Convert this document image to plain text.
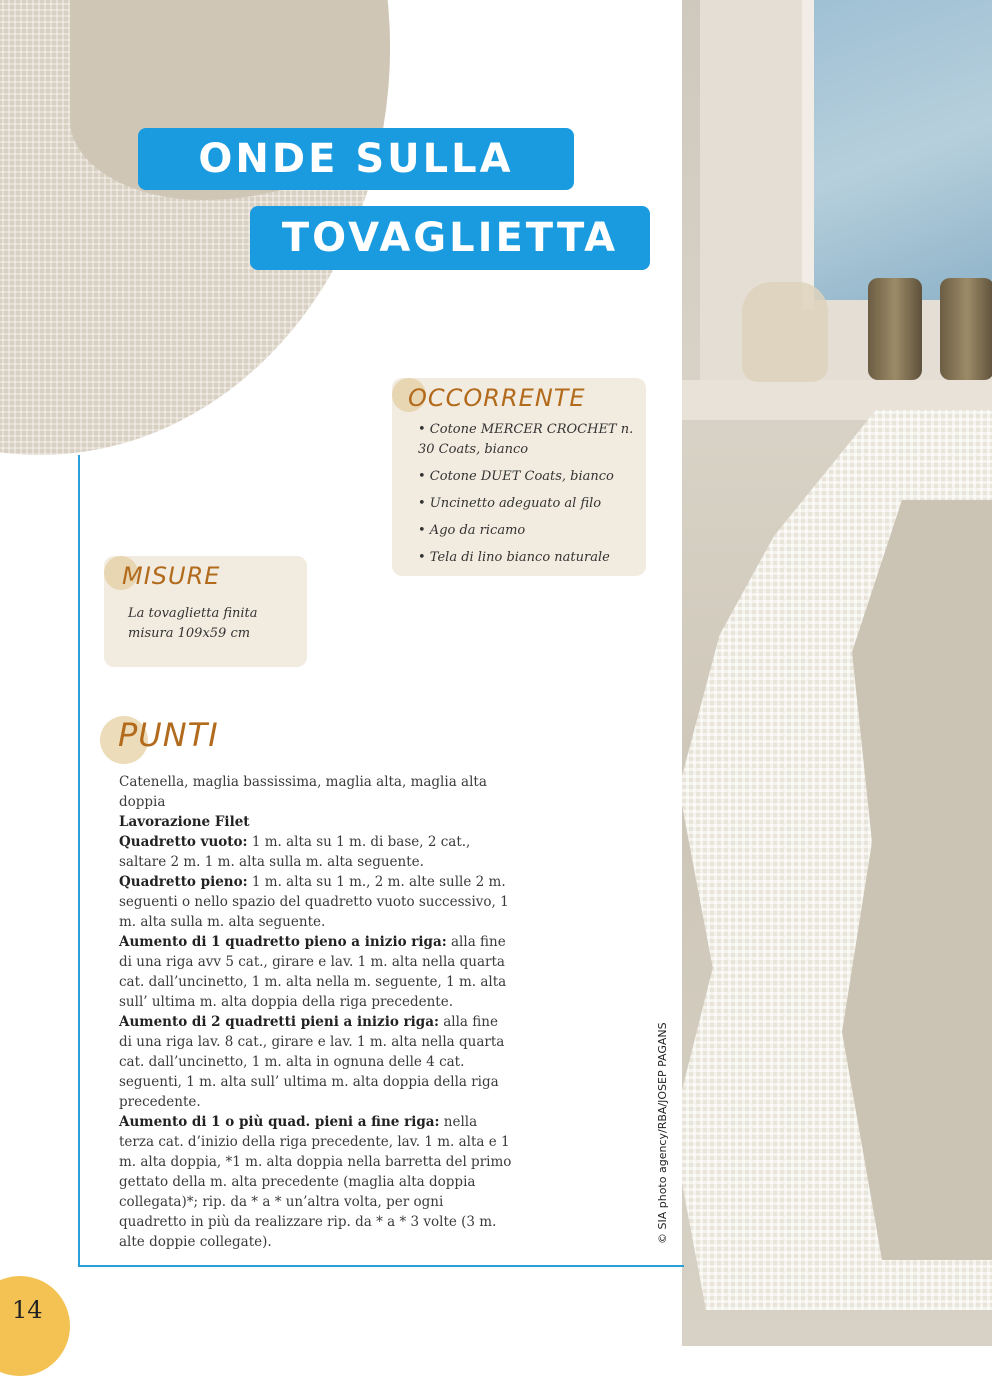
© SIA photo agency/RBA/JOSEP PAGANS
ONDE SULLA
TOVAGLIETTA
OCCORRENTE
• Cotone MERCER CROCHET n. 30 Coats, bianco
• Cotone DUET Coats, bianco
• Uncinetto adeguato al filo
• Ago da ricamo
• Tela di lino bianco naturale
MISURE
La tovaglietta finita misura 109x59 cm
PUNTI

Catenella, maglia bassissima, maglia alta, maglia alta doppia

Lavorazione Filet

Quadretto vuoto: 1 m. alta su 1 m. di base, 2 cat., saltare 2 m. 1 m. alta sulla m. alta seguente.

Quadretto pieno: 1 m. alta su 1 m., 2 m. alte sulle 2 m. seguenti o nello spazio del quadretto vuoto successivo, 1 m. alta sulla m. alta seguente.

Aumento di 1 quadretto pieno a inizio riga: alla fine di una riga avv 5 cat., girare e lav. 1 m. alta nella quarta cat. dall’uncinetto, 1 m. alta nella m. seguente, 1 m. alta sull’ ultima m. alta doppia della riga precedente.

Aumento di 2 quadretti pieni a inizio riga: alla fine di una riga lav. 8 cat., girare e lav. 1 m. alta nella quarta cat. dall’uncinetto, 1 m. alta in ognuna delle 4 cat. seguenti, 1 m. alta sull’ ultima m. alta doppia della riga precedente.

Aumento di 1 o più quad. pieni a fine riga: nella terza cat. d’inizio della riga precedente, lav. 1 m. alta e 1 m. alta doppia, *1 m. alta doppia nella barretta del primo gettato della m. alta precedente (maglia alta doppia collegata)*; rip. da * a * un’altra volta, per ogni quadretto in più da realizzare rip. da * a * 3 volte (3 m. alte doppie collegate).

14
